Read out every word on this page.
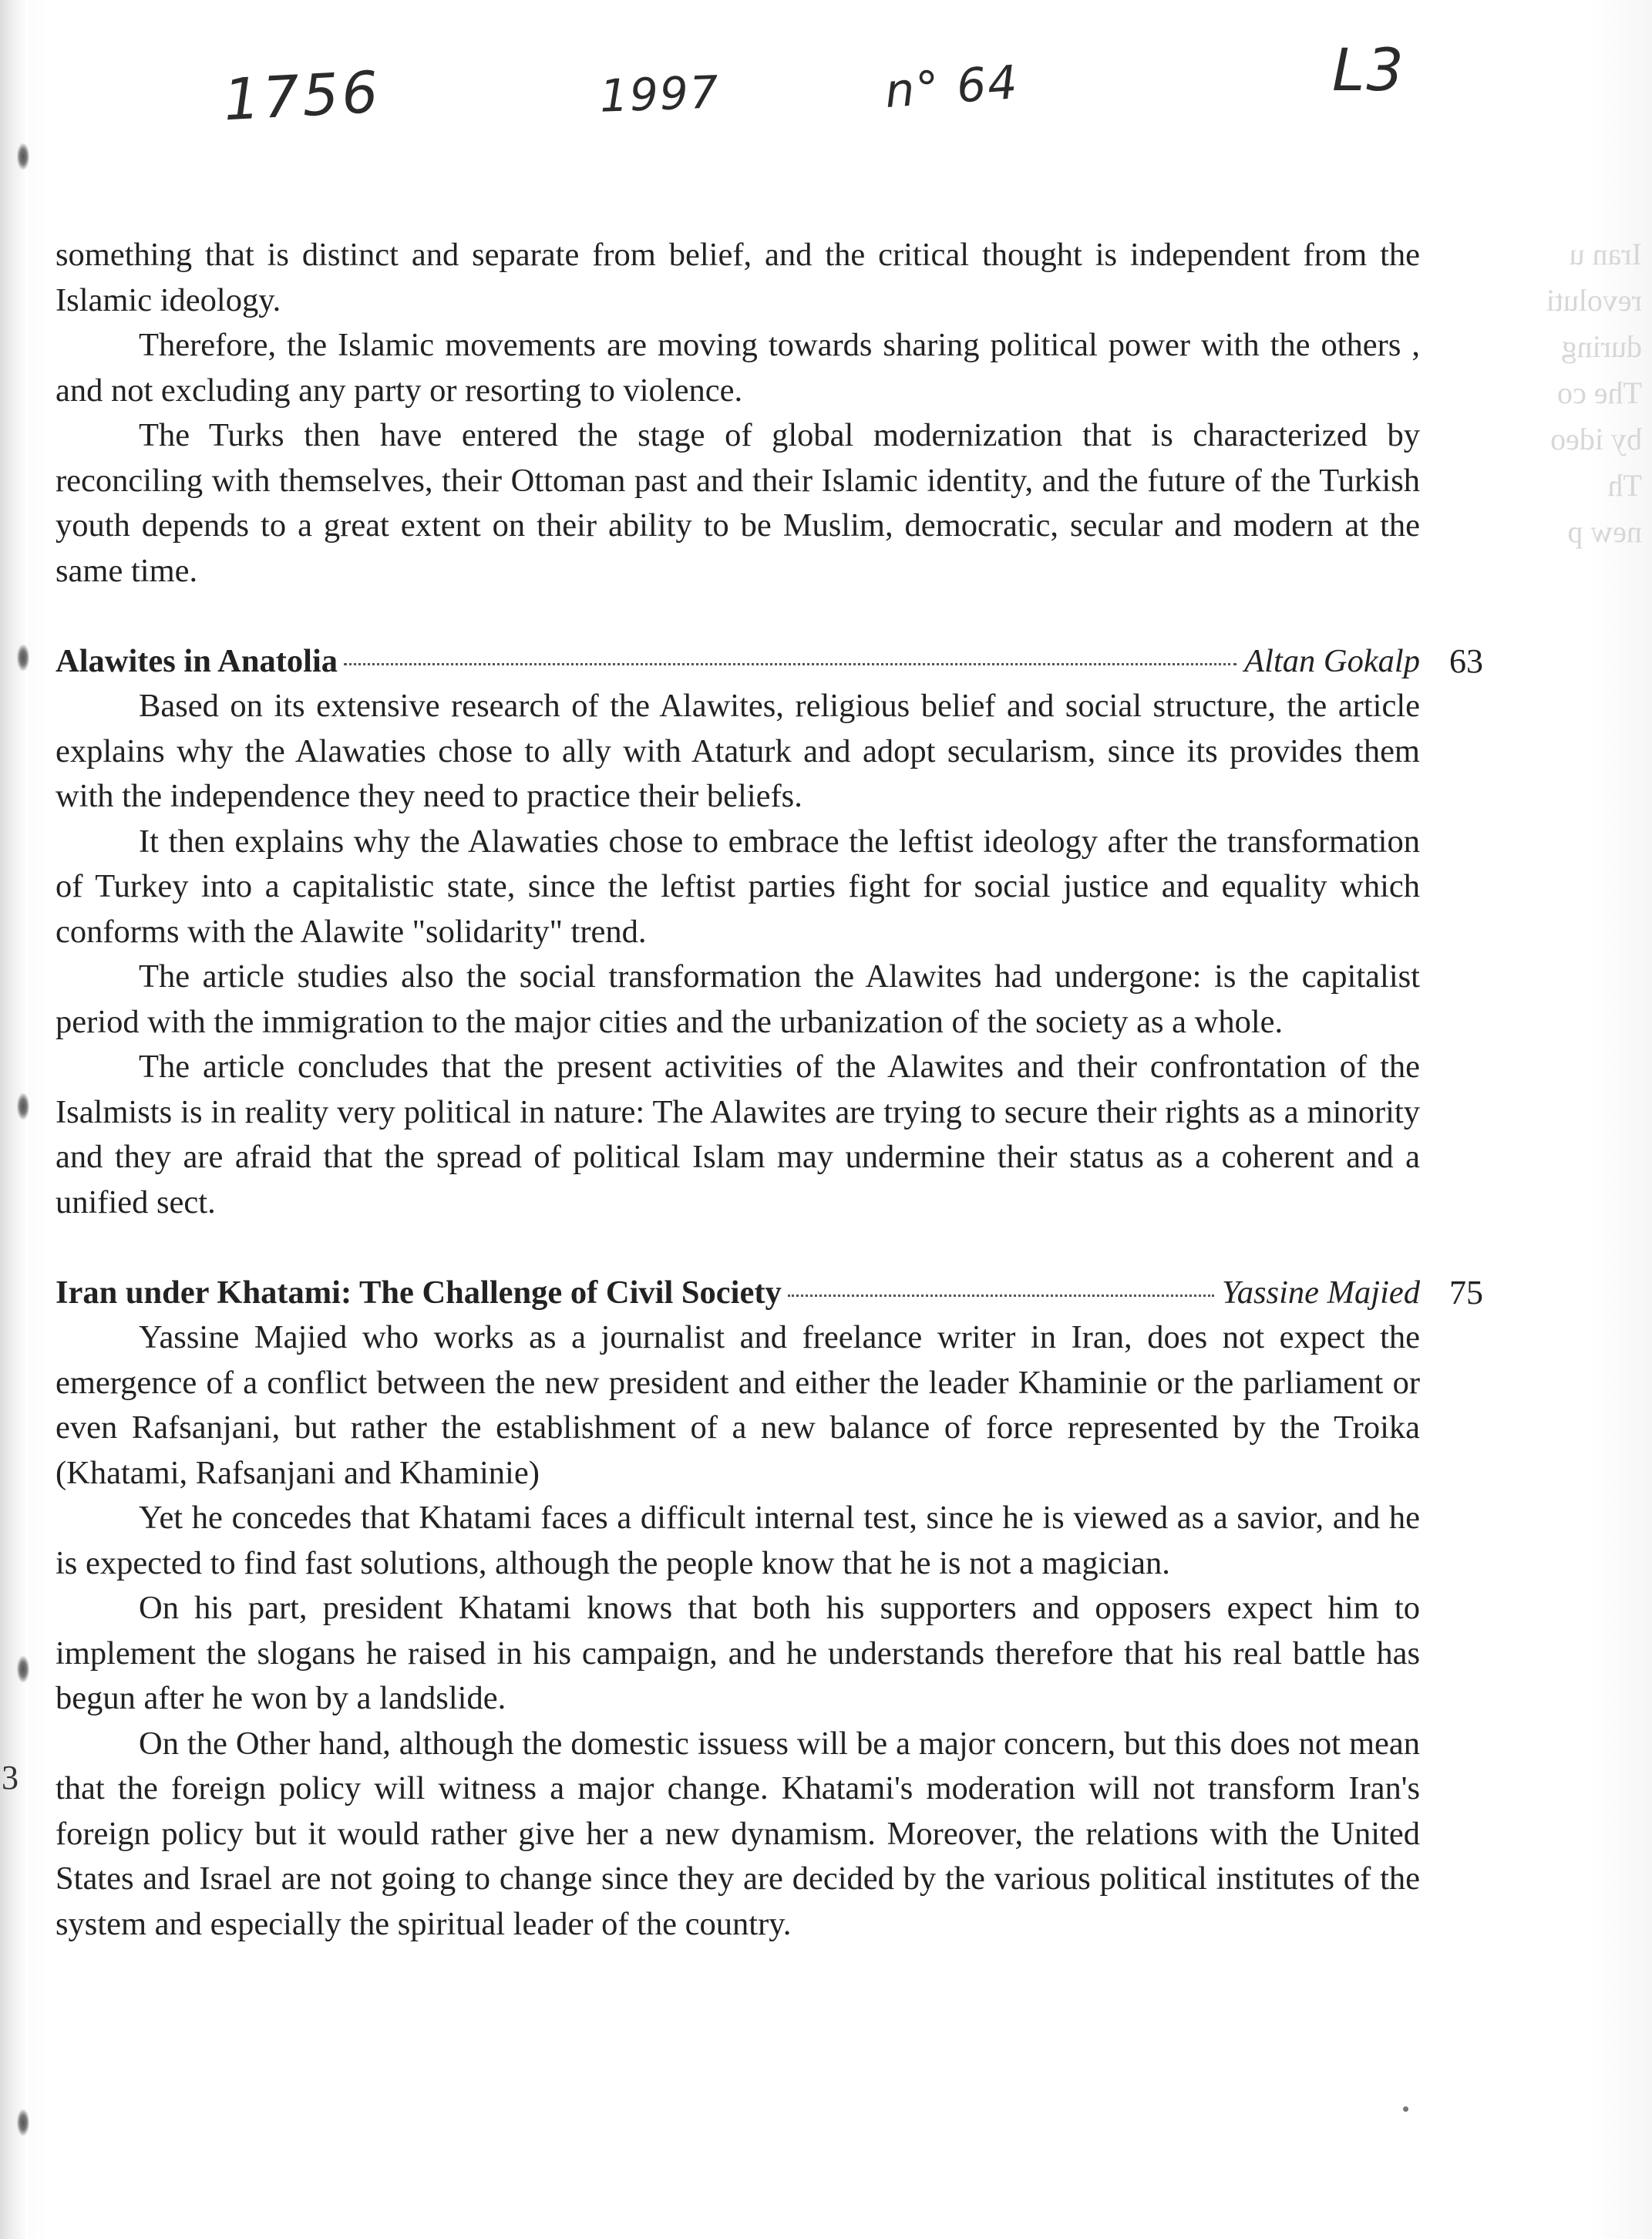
1756	1997	n° 64	L3
Iran u
revoluti
during
The co
by ideo
Th
new p
3

something that is distinct and separate from belief, and the critical thought is independent from the Islamic ideology.

Therefore, the Islamic movements are moving towards sharing political power with the others , and not excluding any party or resorting to violence.

The Turks then have entered the stage of global modernization that is characterized by reconciling with themselves, their Ottoman past and their Islamic identity, and the future of the Turkish youth depends to a great extent on their ability to be Muslim, democratic, secular and modern at the same time.

Alawites in Anatolia	Altan Gokalp 63

Based on its extensive research of the Alawites, religious belief and social structure, the article explains why the Alawaties chose to ally with Ataturk and adopt secularism, since its provides them with the independence they need to practice their beliefs.

It then explains why the Alawaties chose to embrace the leftist ideology after the transformation of Turkey into a capitalistic state, since the leftist parties fight for social justice and equality which conforms with the Alawite "solidarity" trend.

The article studies also the social transformation the Alawites had undergone: is the capitalist period with the immigration to the major cities and the urbanization of the society as a whole.

The article concludes that the present activities of the Alawites and their confrontation of the Isalmists is in reality very political in nature: The Alawites are trying to secure their rights as a minority and they are afraid that the spread of political Islam may undermine their status as a coherent and a unified sect.

Iran under Khatami: The Challenge of Civil Society	Yassine Majied 75

Yassine Majied who works as a journalist and freelance writer in Iran, does not expect the emergence of a conflict between the new president and either the leader Khaminie or the parliament or even Rafsanjani, but rather the establishment of a new balance of force represented by the Troika (Khatami, Rafsanjani and Khaminie)

Yet he concedes that Khatami faces a difficult internal test, since he is viewed as a savior, and he is expected to find fast solutions, although the people know that he is not a magician.

On his part, president Khatami knows that both his supporters and opposers expect him to implement the slogans he raised in his campaign, and he understands therefore that his real battle has begun after he won by a landslide.

On the Other hand, although the domestic issuess will be a major concern, but this does not mean that the foreign policy will witness a major change. Khatami's moderation will not transform Iran's foreign policy but it would rather give her a new dynamism. Moreover, the relations with the United States and Israel are not going to change since they are decided by the various political institutes of the system and especially the spiritual leader of the country.
